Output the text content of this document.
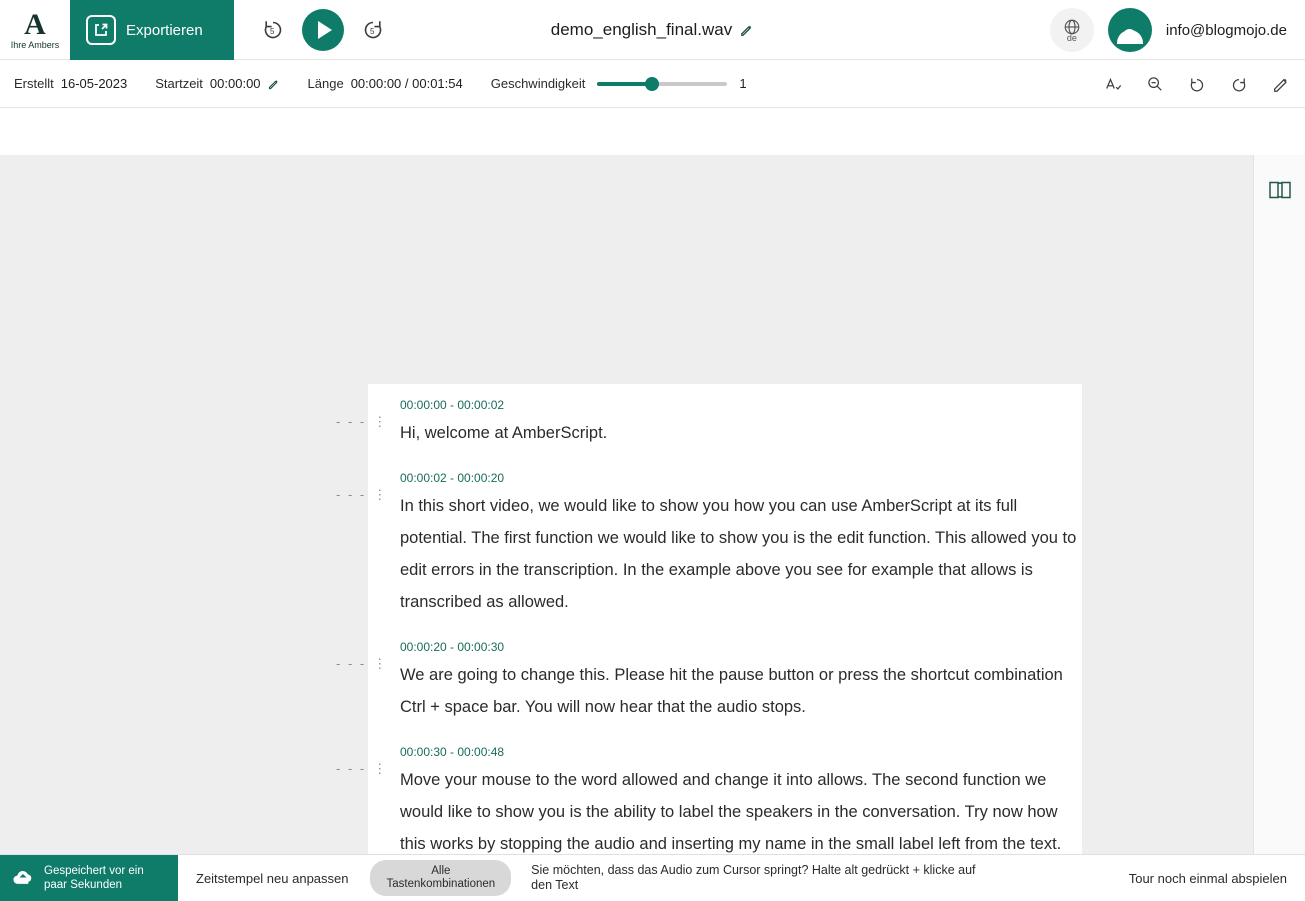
A
Ihre Ambers
Exportieren	5	5	demo_english_final.wav	de	info@blogmojo.de
Erstellt 16-05-2023 Startzeit 00:00:00	Länge 00:00:00 / 00:01:54 Geschwindigkeit	1
- - - ⋮
00:00:00 - 00:00:02
Hi, welcome at AmberScript.
- - - ⋮
00:00:02 - 00:00:20
In this short video, we would like to show you how you can use AmberScript at its full potential. The first function we would like to show you is the edit function. This allowed you to edit errors in the transcription. In the example above you see for example that allows is transcribed as allowed.
- - - ⋮
00:00:20 - 00:00:30
We are going to change this. Please hit the pause button or press the shortcut combination Ctrl + space bar. You will now hear that the audio stops.
- - - ⋮
00:00:30 - 00:00:48
Move your mouse to the word allowed and change it into allows. The second function we would like to show you is the ability to label the speakers in the conversation. Try now how this works by stopping the audio and inserting my name in the small label left from the text.
Gespeichert vor ein paar Sekunden	Zeitstempel neu anpassen	Alle
Tastenkombinationen
Sie möchten, dass das Audio zum Cursor springt? Halte alt gedrückt + klicke auf
den Text	Tour noch einmal abspielen
